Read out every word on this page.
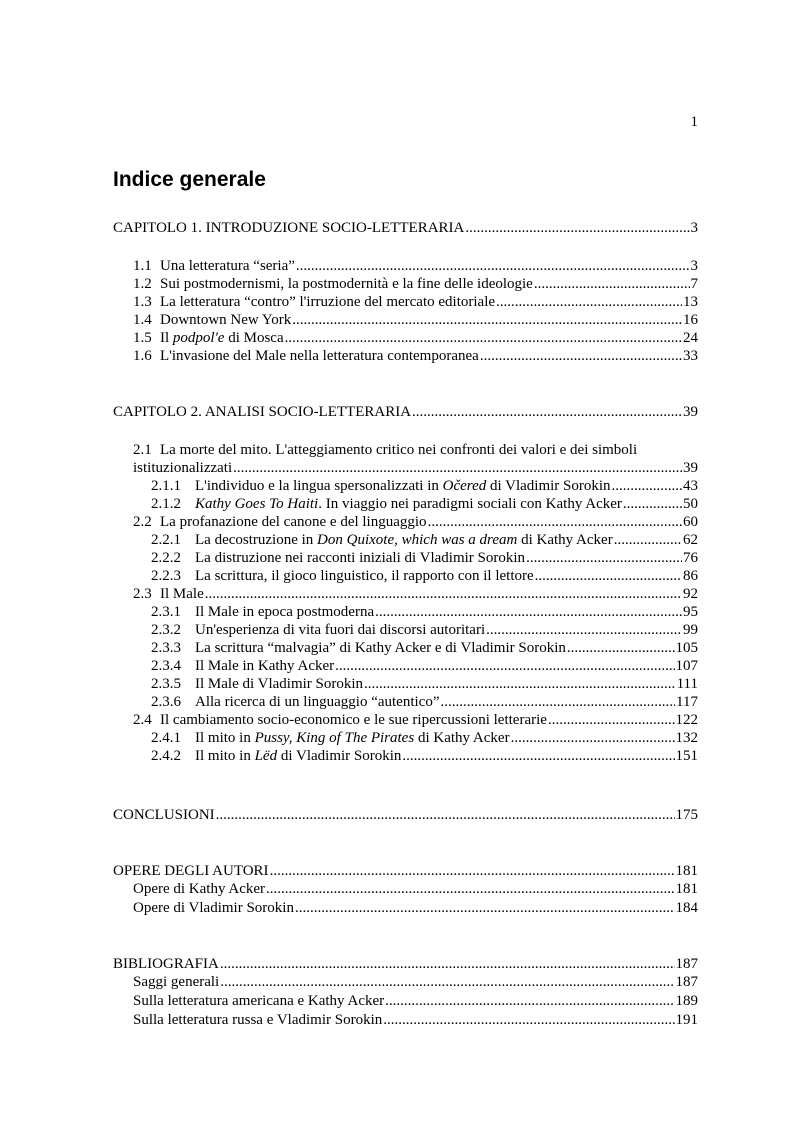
1
Indice generale
CAPITOLO 1. INTRODUZIONE SOCIO-LETTERARIA .....	3
1.1 Una letteratura “seria” .....	3
1.2 Sui postmodernismi, la postmodernità e la fine delle ideologie .....	7
1.3 La letteratura “contro” l'irruzione del mercato editoriale .....	13
1.4 Downtown New York .....	16
1.5 Il podpol'e di Mosca .....	24
1.6 L'invasione del Male nella letteratura contemporanea .....	33
CAPITOLO 2. ANALISI SOCIO-LETTERARIA .....	39
2.1 La morte del mito. L'atteggiamento critico nei confronti dei valori e dei simboli
istituzionalizzati .....	39
2.1.1 L'individuo e la lingua spersonalizzati in Očered di Vladimir Sorokin .....	43
2.1.2 Kathy Goes To Haiti. In viaggio nei paradigmi sociali con Kathy Acker .....	50
2.2 La profanazione del canone e del linguaggio .....	60
2.2.1 La decostruzione in Don Quixote, which was a dream di Kathy Acker .....	62
2.2.2 La distruzione nei racconti iniziali di Vladimir Sorokin .....	76
2.2.3 La scrittura, il gioco linguistico, il rapporto con il lettore .....	86
2.3 Il Male .....	92
2.3.1 Il Male in epoca postmoderna .....	95
2.3.2 Un'esperienza di vita fuori dai discorsi autoritari .....	99
2.3.3 La scrittura “malvagia” di Kathy Acker e di Vladimir Sorokin .....	105
2.3.4 Il Male in Kathy Acker .....	107
2.3.5 Il Male di Vladimir Sorokin .....	111
2.3.6 Alla ricerca di un linguaggio “autentico” .....	117
2.4 Il cambiamento socio-economico e le sue ripercussioni letterarie .....	122
2.4.1 Il mito in Pussy, King of The Pirates di Kathy Acker .....	132
2.4.2 Il mito in Lëd di Vladimir Sorokin .....	151
CONCLUSIONI .....	175
OPERE DEGLI AUTORI .....	181
Opere di Kathy Acker .....	181
Opere di Vladimir Sorokin .....	184
BIBLIOGRAFIA .....	187
Saggi generali .....	187
Sulla letteratura americana e Kathy Acker .....	189
Sulla letteratura russa e Vladimir Sorokin .....	191
